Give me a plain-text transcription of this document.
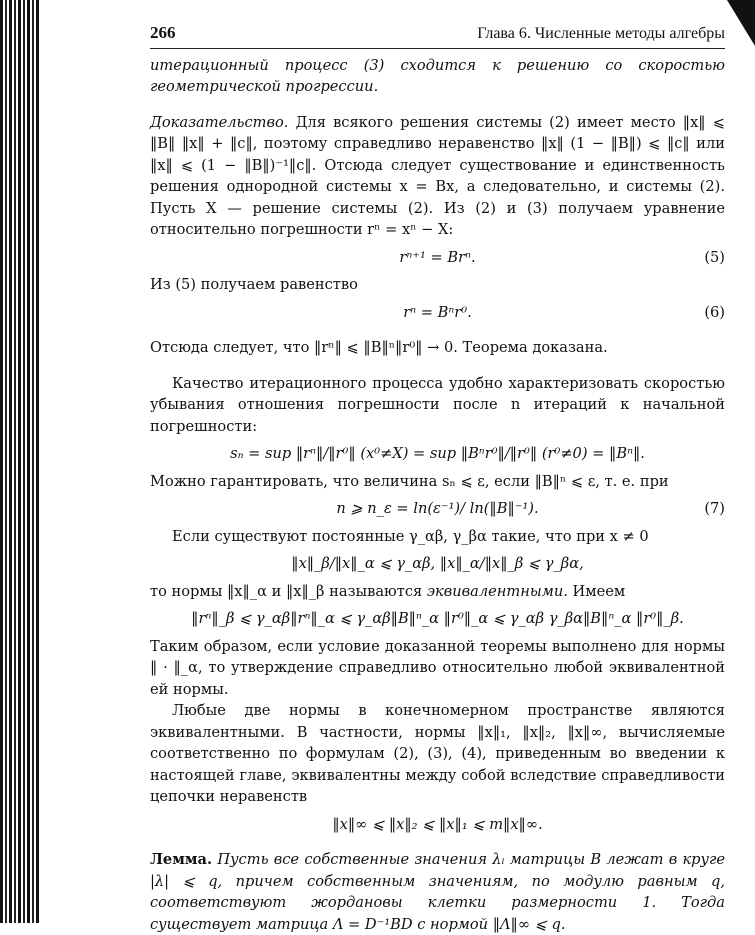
266	Глава 6. Численные методы алгебры

итерационный процесс (3) сходится к решению со скоростью геометрической прогрессии.

Доказательство. Для всякого решения системы (2) имеет место ‖x‖ ⩽ ‖B‖ ‖x‖ + ‖c‖, поэтому справедливо неравенство ‖x‖ (1 − ‖B‖) ⩽ ‖c‖ или ‖x‖ ⩽ (1 − ‖B‖)⁻¹‖c‖. Отсюда следует существование и единственность решения однородной системы x = Bx, а следовательно, и системы (2). Пусть X — решение системы (2). Из (2) и (3) получаем уравнение относительно погрешности rⁿ = xⁿ − X:

rⁿ⁺¹ = Brⁿ.	(5)

Из (5) получаем равенство

rⁿ = Bⁿr⁰.	(6)

Отсюда следует, что ‖rⁿ‖ ⩽ ‖B‖ⁿ‖r⁰‖ → 0. Теорема доказана.

Качество итерационного процесса удобно характеризовать скоростью убывания отношения погрешности после n итераций к начальной погрешности:

sₙ = sup ‖rⁿ‖/‖r⁰‖ (x⁰≠X) = sup ‖Bⁿr⁰‖/‖r⁰‖ (r⁰≠0) = ‖Bⁿ‖.

Можно гарантировать, что величина sₙ ⩽ ε, если ‖B‖ⁿ ⩽ ε, т. е. при

n ⩾ n_ε = ln(ε⁻¹)/ ln(‖B‖⁻¹).	(7)

Если существуют постоянные γ_αβ, γ_βα такие, что при x ≠ 0

‖x‖_β/‖x‖_α ⩽ γ_αβ, ‖x‖_α/‖x‖_β ⩽ γ_βα,

то нормы ‖x‖_α и ‖x‖_β называются эквивалентными. Имеем

‖rⁿ‖_β ⩽ γ_αβ‖rⁿ‖_α ⩽ γ_αβ‖B‖ⁿ_α ‖r⁰‖_α ⩽ γ_αβ γ_βα‖B‖ⁿ_α ‖r⁰‖_β.

Таким образом, если условие доказанной теоремы выполнено для нормы ‖ · ‖_α, то утверждение справедливо относительно любой эквивалентной ей нормы.

Любые две нормы в конечномерном пространстве являются эквивалентными. В частности, нормы ‖x‖₁, ‖x‖₂, ‖x‖∞, вычисляемые соответственно по формулам (2), (3), (4), приведенным во введении к настоящей главе, эквивалентны между собой вследствие справедливости цепочки неравенств

‖x‖∞ ⩽ ‖x‖₂ ⩽ ‖x‖₁ ⩽ m‖x‖∞.

Лемма. Пусть все собственные значения λᵢ матрицы B лежат в круге |λ| ⩽ q, причем собственным значениям, по модулю равным q, соответствуют жордановы клетки размерности 1. Тогда существует матрица Λ = D⁻¹BD с нормой ‖Λ‖∞ ⩽ q.
